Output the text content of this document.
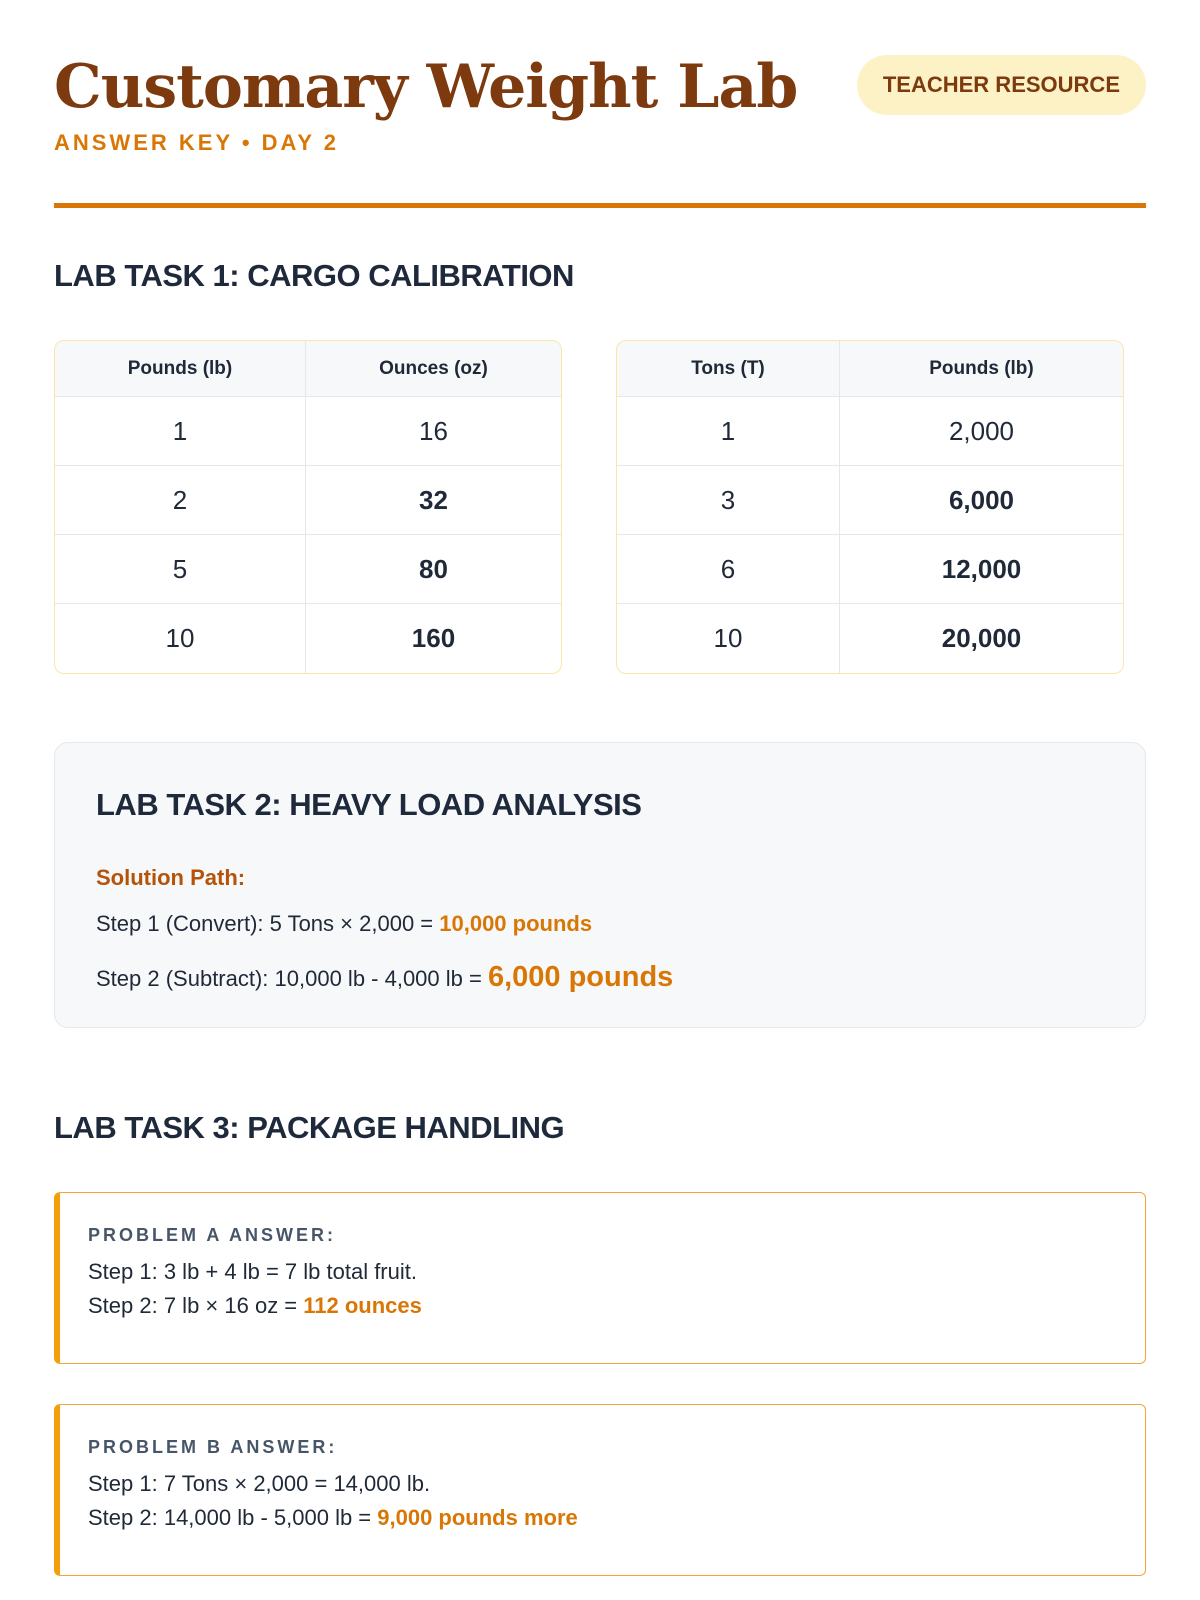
Customary Weight Lab
ANSWER KEY • DAY 2
TEACHER RESOURCE
LAB TASK 1: CARGO CALIBRATION
Pounds (lb)	Ounces (oz)
1	16
2	32
5	80
10	160
Tons (T)	Pounds (lb)
1	2,000
3	6,000
6	12,000
10	20,000
LAB TASK 2: HEAVY LOAD ANALYSIS
Solution Path:
Step 1 (Convert): 5 Tons × 2,000 = 10,000 pounds
Step 2 (Subtract): 10,000 lb - 4,000 lb = 6,000 pounds
LAB TASK 3: PACKAGE HANDLING
PROBLEM A ANSWER:
Step 1: 3 lb + 4 lb = 7 lb total fruit.
Step 2: 7 lb × 16 oz = 112 ounces
PROBLEM B ANSWER:
Step 1: 7 Tons × 2,000 = 14,000 lb.
Step 2: 14,000 lb - 5,000 lb = 9,000 pounds more
